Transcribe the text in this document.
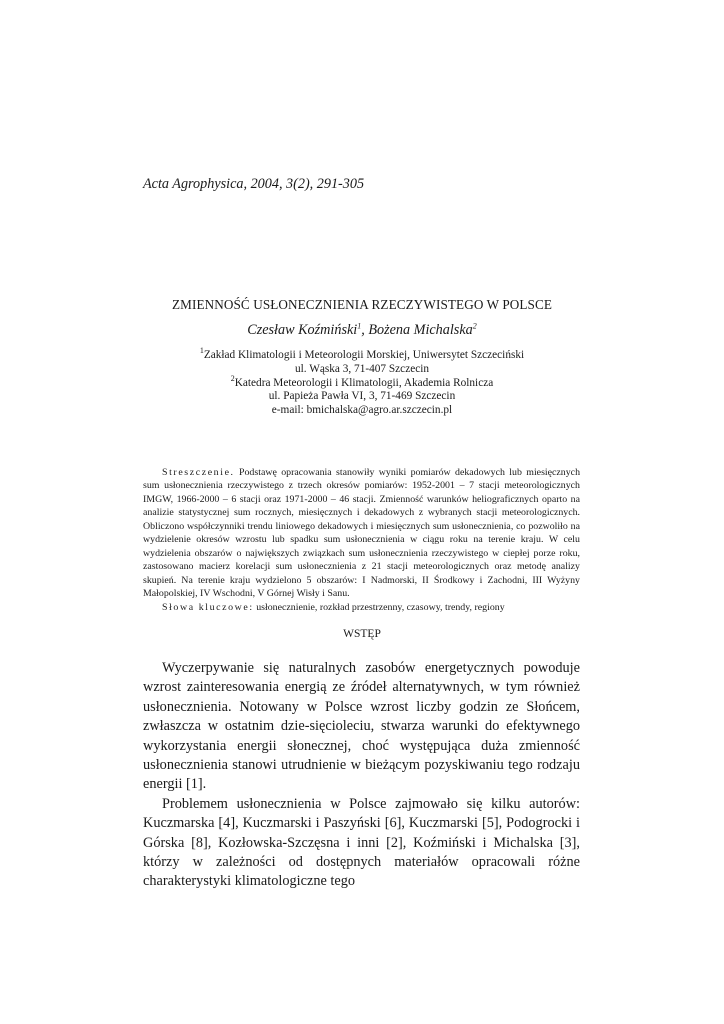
Acta Agrophysica, 2004, 3(2), 291-305

ZMIENNOŚĆ USŁONECZNIENIA RZECZYWISTEGO W POLSCE

Czesław Koźmiński$^1$, Bożena Michalska$^2$

$^1$Zakład Klimatologii i Meteorologii Morskiej, Uniwersytet Szczeciński
ul. Wąska 3, 71-407 Szczecin
$^2$Katedra Meteorologii i Klimatologii, Akademia Rolnicza
ul. Papieża Pawła VI, 3, 71-469 Szczecin
e-mail: bmichalska@agro.ar.szczecin.pl

Streszczenie. Podstawę opracowania stanowiły wyniki pomiarów dekadowych lub miesięcznych sum usłonecznienia rzeczywistego z trzech okresów pomiarów: 1952-2001 – 7 stacji meteorologicznych IMGW, 1966-2000 – 6 stacji oraz 1971-2000 – 46 stacji. Zmienność warunków heliograficznych oparto na analizie statystycznej sum rocznych, miesięcznych i dekadowych z wybranych stacji meteorologicznych. Obliczono współczynniki trendu liniowego dekadowych i miesięcznych sum usłonecznienia, co pozwoliło na wydzielenie okresów wzrostu lub spadku sum usłonecznienia w ciągu roku na terenie kraju. W celu wydzielenia obszarów o największych związkach sum usłonecznienia rzeczywistego w ciepłej porze roku, zastosowano macierz korelacji sum usłonecznienia z 21 stacji meteorologicznych oraz metodę analizy skupień. Na terenie kraju wydzielono 5 obszarów: I Nadmorski, II Środkowy i Zachodni, III Wyżyny Małopolskiej, IV Wschodni, V Górnej Wisły i Sanu.

Słowa kluczowe: usłonecznienie, rozkład przestrzenny, czasowy, trendy, regiony

WSTĘP

Wyczerpywanie się naturalnych zasobów energetycznych powoduje wzrost zainteresowania energią ze źródeł alternatywnych, w tym również usłonecznienia. Notowany w Polsce wzrost liczby godzin ze Słońcem, zwłaszcza w ostatnim dzie-sięcioleciu, stwarza warunki do efektywnego wykorzystania energii słonecznej, choć występująca duża zmienność usłonecznienia stanowi utrudnienie w bieżącym pozyskiwaniu tego rodzaju energii [1].

Problemem usłonecznienia w Polsce zajmowało się kilku autorów: Kuczmarska [4], Kuczmarski i Paszyński [6], Kuczmarski [5], Podogrocki i Górska [8], Kozłowska-Szczęsna i inni [2], Koźmiński i Michalska [3], którzy w zależności od dostępnych materiałów opracowali różne charakterystyki klimatologiczne tego
